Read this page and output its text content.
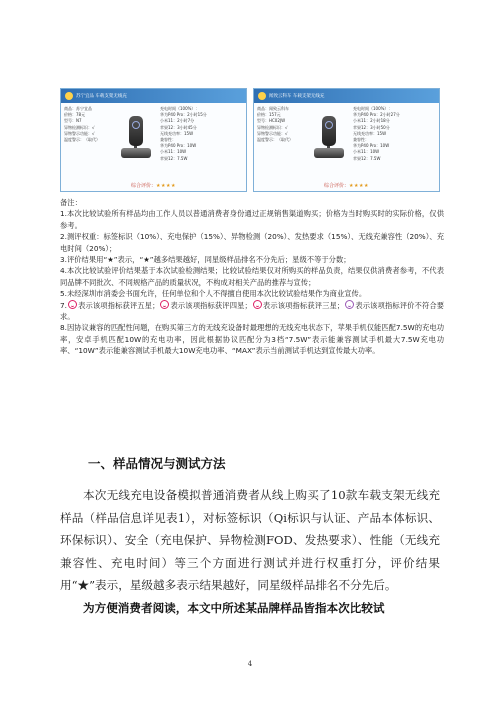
苏宁宜品 车载支架无线充
商品：苏宁宜品
价格：78元
型号：N7
异物检测标识：√
异物警示功能：√
温度警示：（取代）
充电时间（100%）：
华为P40 Pro：2小时15分
小米11：2小时7分
苹果12：3小时45分
无线充功率：15W
兼容性：
华为P40 Pro：10W
小米11：10W
苹果12：7.5W
综合评价：★★★★
闻致云科车 车载支架无线充
商品：闻致云科车
价格：157元
型号：HC02JW
异物检测标识：√
异物警示功能：√
温度警示：（取代）
充电时间（100%）：
华为P40 Pro：2小时27分
小米11：2小时18分
苹果12：3小时50分
无线充功率：15W
兼容性：
华为P40 Pro：10W
小米11：10W
苹果12：7.5W
综合评价：★★★★

备注：

1.本次比较试验所有样品均由工作人员以普通消费者身份通过正规销售渠道购买；价格为当时购买时的实际价格，仅供参考。

2.测评权重：标签标识（10%）、充电保护（15%）、异物检测（20%）、发热要求（15%）、无线充兼容性（20%）、充电时间（20%）；

3.评价结果用“★”表示，“★”越多结果越好，同星级样品排名不分先后；星级不等于分数；

4.本次比较试验评价结果基于本次试验检测结果；比较试验结果仅对所购买的样品负责，结果仅供消费者参考，不代表同品牌不同批次、不同规格产品的质量状况，不构成对相关产品的推荐与宣传；

5.未经深圳市消委会书面允许，任何单位和个人不得擅自使用本次比较试验结果作为商业宣传。

7. 表示该项指标获评五星； 表示该项指标获评四星； 表示该项指标获评三星； 表示该项指标评价不符合要求。

8.因协议兼容的匹配性问题，在购买第三方的无线充设备时最理想的无线充电状态下，苹果手机仅能匹配7.5W的充电功率，安卓手机匹配10W的充电功率，因此根据协议匹配分为3档“7.5W”表示能兼容测试手机最大7.5W充电功率、“10W”表示能兼容测试手机最大10W充电功率、“MAX”表示当前测试手机达到宣传最大功率。

一、样品情况与测试方法
本次无线充电设备模拟普通消费者从线上购买了10款车载支架无线充样品（样品信息详见表1），对标签标识（Qi标识与认证、产品本体标识、环保标识）、安全（充电保护、异物检测FOD、发热要求）、性能（无线充兼容性、充电时间）等三个方面进行测试并进行权重打分，评价结果用“★”表示，星级越多表示结果越好，同星级样品排名不分先后。
为方便消费者阅读，本文中所述某品牌样品皆指本次比较试
4
